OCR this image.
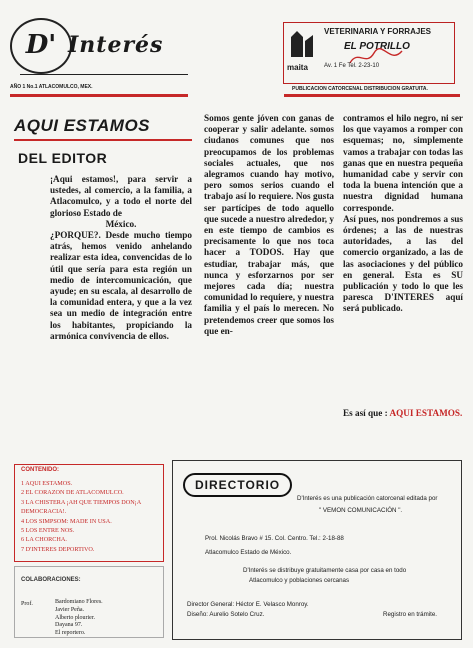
D' Interés
AÑO 1 No.1 ATLACOMULCO, MEX.
maita
VETERINARIA Y FORRAJES
EL POTRILLO
Av. 1 Fe Tel. 2-23-10
PUBLICACION CATORCENAL DISTRIBUCION GRATUITA.
AQUI ESTAMOS
DEL EDITOR

¡Aqui estamos!, para servir a ustedes, al comercio, a la familia, a Atlacomulco, y a todo el norte del glorioso Estado de

México.

¿PORQUE?. Desde mucho tiempo atrás, hemos venido anhelando realizar esta idea, convencidas de lo útil que sería para esta región un medio de intercomunicación, que ayude; en su escala, al desarrollo de la comunidad entera, y que a la vez sea un medio de integración entre los habitantes, propiciando la armónica convivencia de ellos.

Somos gente jóven con ganas de cooperar y salir adelante. somos ciudanos comunes que nos preocupamos de los problemas sociales actuales, que nos alegramos cuando hay motivo, pero somos serios cuando el trabajo así lo requiere. Nos gusta ser partícipes de todo aquello que sucede a nuestro alrededor, y en este tiempo de cambios es precisamente lo que nos toca hacer a TODOS. Hay que estudiar, trabajar más, que nunca y esforzarnos por ser mejores cada día; nuestra comunidad lo requiere, y nuestra familia y el país lo merecen. No pretendemos creer que somos los que en-

contramos el hilo negro, ni ser los que vayamos a romper con esquemas; no, simplemente vamos a trabajar con todas las ganas que en nuestra pequeña humanidad cabe y servir con toda la buena intención que a nuestra dignidad humana corresponde.

Así pues, nos pondremos a sus órdenes; a las de nuestras autoridades, a las del comercio organizado, a las de las asociaciones y del público en general. Esta es SU publicación y todo lo que les paresca D'INTERES aquí será publicado.

Es así que : AQUI ESTAMOS.
CONTENIDO:
1 AQUI ESTAMOS.
2 EL CORAZON DE ATLACOMULCO.
3 LA CHISTERA ¡AH QUE TIEMPOS DON¡A DEMOCRACIA!.
4 LOS SIMPSOM: MADE IN USA.
5 LOS ENTRE NOS.
6 LA CHORCHA.
7 D'INTERES DEPORTIVO.
COLABORACIONES:
Prof.	Bardomiano Flores.
Javier Peña.
Alberto plourier.
Dayana 97.
El reportero.
DIRECTORIO
D'Interés es una publicación catorcenal editada por
" VEMON COMUNICACIÓN ".
Prol. Nicolás Bravo # 15. Col. Centro. Tel.: 2-18-88
Atlacomulco Estado de México.
D'Interés se distribuye gratuitamente casa por casa en todo
Atlacomulco y poblaciones cercanas
Director General: Héctor E. Velasco Monroy.
Diseño: Aurelio Sotelo Cruz.	Registro en trámite.
